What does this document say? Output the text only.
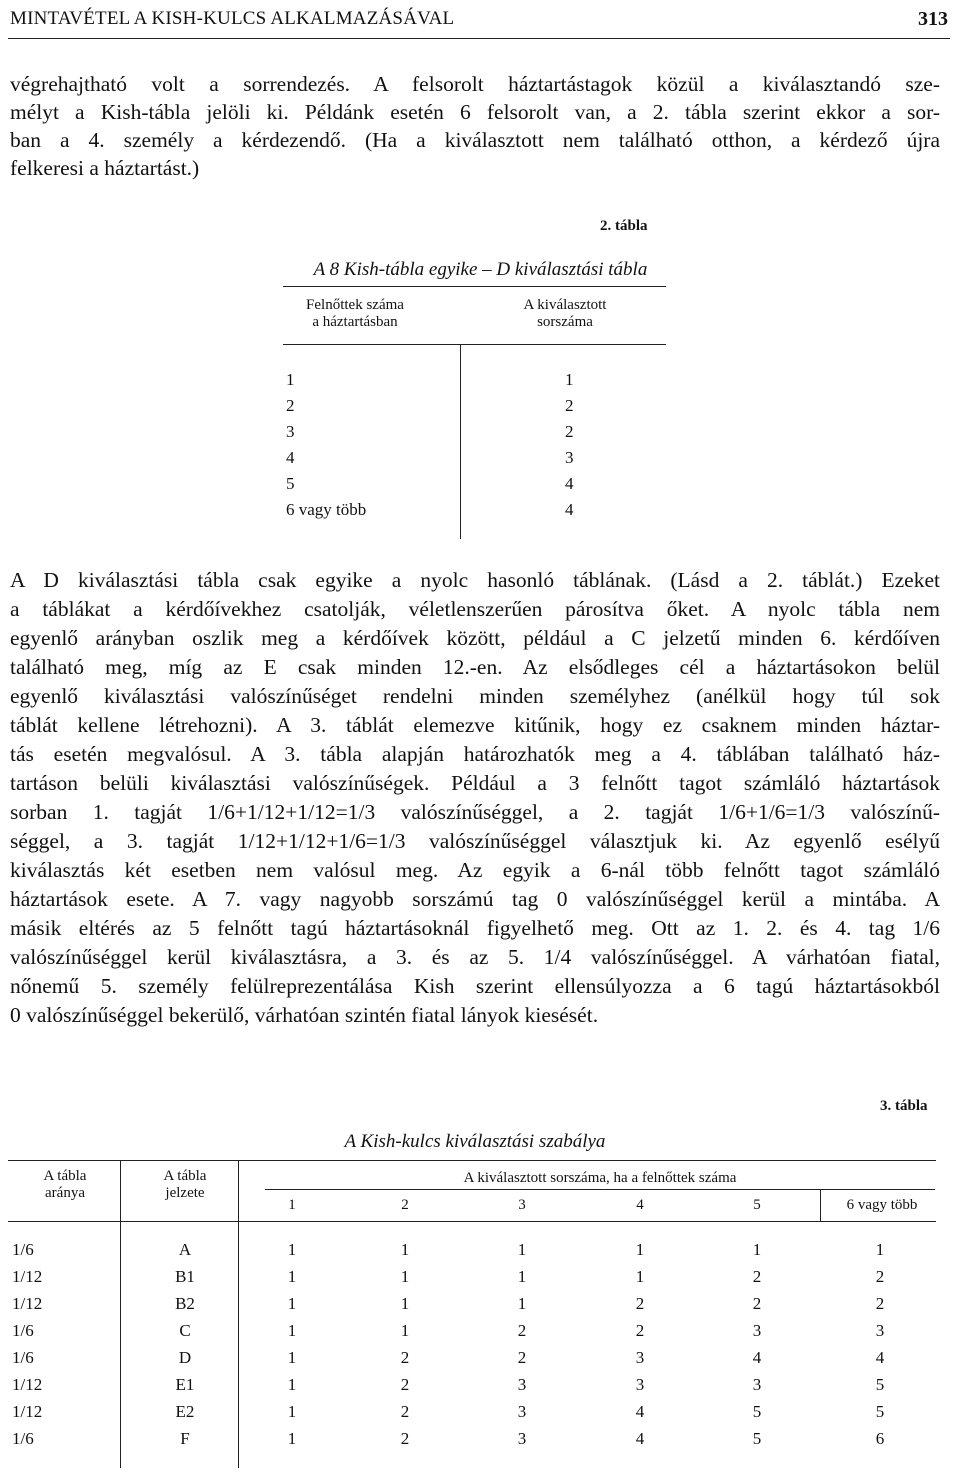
MINTAVÉTEL A KISH-KULCS ALKALMAZÁSÁVAL	313
végrehajtható volt a sorrendezés. A felsorolt háztartástagok közül a kiválasztandó sze-
mélyt a Kish-tábla jelöli ki. Példánk esetén 6 felsorolt van, a 2. tábla szerint ekkor a sor-
ban a 4. személy a kérdezendő. (Ha a kiválasztott nem található otthon, a kérdező újra
felkeresi a háztartást.)
2. tábla
A 8 Kish-tábla egyike – D kiválasztási tábla
Felnőttek száma
a háztartásban
A kiválasztott
sorszáma
1	1
2	2
3	2
4	3
5	4
6 vagy több	4
A D kiválasztási tábla csak egyike a nyolc hasonló táblának. (Lásd a 2. táblát.) Ezeket
a táblákat a kérdőívekhez csatolják, véletlenszerűen párosítva őket. A nyolc tábla nem
egyenlő arányban oszlik meg a kérdőívek között, például a C jelzetű minden 6. kérdőíven
található meg, míg az E csak minden 12.-en. Az elsődleges cél a háztartásokon belül
egyenlő kiválasztási valószínűséget rendelni minden személyhez (anélkül hogy túl sok
táblát kellene létrehozni). A 3. táblát elemezve kitűnik, hogy ez csaknem minden háztar-
tás esetén megvalósul. A 3. tábla alapján határozhatók meg a 4. táblában található ház-
tartáson belüli kiválasztási valószínűségek. Például a 3 felnőtt tagot számláló háztartások
sorban 1. tagját 1/6+1/12+1/12=1/3 valószínűséggel, a 2. tagját 1/6+1/6=1/3 valószínű-
séggel, a 3. tagját 1/12+1/12+1/6=1/3 valószínűséggel választjuk ki. Az egyenlő esélyű
kiválasztás két esetben nem valósul meg. Az egyik a 6-nál több felnőtt tagot számláló
háztartások esete. A 7. vagy nagyobb sorszámú tag 0 valószínűséggel kerül a mintába. A
másik eltérés az 5 felnőtt tagú háztartásoknál figyelhető meg. Ott az 1. 2. és 4. tag 1/6
valószínűséggel kerül kiválasztásra, a 3. és az 5. 1/4 valószínűséggel. A várhatóan fiatal,
nőnemű 5. személy felülreprezentálása Kish szerint ellensúlyozza a 6 tagú háztartásokból
0 valószínűséggel bekerülő, várhatóan szintén fiatal lányok kiesését.
3. tábla
A Kish-kulcs kiválasztási szabálya
A tábla
aránya
A tábla
jelzete
A kiválasztott sorszáma, ha a felnőttek száma
1	2	3	4	5	6 vagy több
1/6	A	1	1	1	1	1	1
1/12	B1	1	1	1	1	2	2
1/12	B2	1	1	1	2	2	2
1/6	C	1	1	2	2	3	3
1/6	D	1	2	2	3	4	4
1/12	E1	1	2	3	3	3	5
1/12	E2	1	2	3	4	5	5
1/6	F	1	2	3	4	5	6
